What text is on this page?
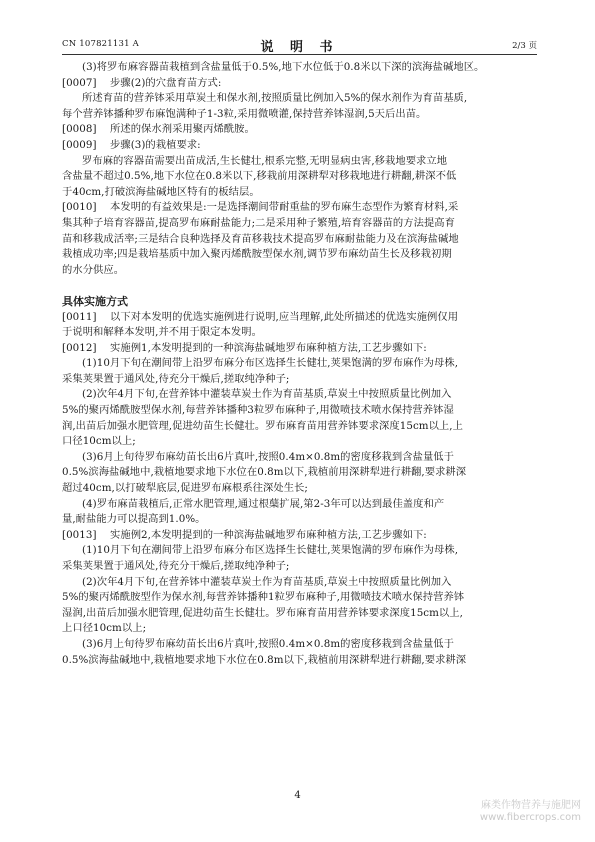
CN 107821131 A	说 明 书	2/3 页
(3)将罗布麻容器苗栽植到含盐量低于0.5%,地下水位低于0.8米以下深的滨海盐碱地区。
[0007] 步骤(2)的穴盘育苗方式:
所述育苗的营养钵采用草炭土和保水剂,按照质量比例加入5%的保水剂作为育苗基质,
每个营养钵播种罗布麻饱满种子1-3粒,采用微喷灌,保持营养钵湿润,5天后出苗。
[0008] 所述的保水剂采用聚丙烯酰胺。
[0009] 步骤(3)的栽植要求:
罗布麻的容器苗需要出苗成活,生长健壮,根系完整,无明显病虫害,移栽地要求立地
含盐量不超过0.5%,地下水位在0.8米以下,移栽前用深耕犁对移栽地进行耕翻,耕深不低
于40cm,打破滨海盐碱地区特有的板结层。
[0010] 本发明的有益效果是:一是选择潮间带耐重盐的罗布麻生态型作为繁育材料,采
集其种子培育容器苗,提高罗布麻耐盐能力;二是采用种子繁殖,培育容器苗的方法提高育
苗和移栽成活率;三是结合良种选择及育苗移栽技术提高罗布麻耐盐能力及在滨海盐碱地
栽植成功率;四是栽培基质中加入聚丙烯酰胺型保水剂,调节罗布麻幼苗生长及移栽初期
的水分供应。
具体实施方式
[0011] 以下对本发明的优选实施例进行说明,应当理解,此处所描述的优选实施例仅用
于说明和解释本发明,并不用于限定本发明。
[0012] 实施例1,本发明提到的一种滨海盐碱地罗布麻种植方法,工艺步骤如下:
(1)10月下旬在潮间带上沿罗布麻分布区选择生长健壮,荚果饱满的罗布麻作为母株,
采集荚果置于通风处,待充分干燥后,搓取纯净种子;
(2)次年4月下旬,在营养钵中灌装草炭土作为育苗基质,草炭土中按照质量比例加入
5%的聚丙烯酰胺型保水剂,每营养钵播种3粒罗布麻种子,用微喷技术喷水保持营养钵湿
润,出苗后加强水肥管理,促进幼苗生长健壮。罗布麻育苗用营养钵要求深度15cm以上,上
口径10cm以上;
(3)6月上旬待罗布麻幼苗长出6片真叶,按照0.4m×0.8m的密度移栽到含盐量低于
0.5%滨海盐碱地中,栽植地要求地下水位在0.8m以下,栽植前用深耕犁进行耕翻,要求耕深
超过40cm,以打破犁底层,促进罗布麻根系往深处生长;
(4)罗布麻苗栽植后,正常水肥管理,通过根蘖扩展,第2-3年可以达到最佳盖度和产
量,耐盐能力可以提高到1.0%。
[0013] 实施例2,本发明提到的一种滨海盐碱地罗布麻种植方法,工艺步骤如下:
(1)10月下旬在潮间带上沿罗布麻分布区选择生长健壮,荚果饱满的罗布麻作为母株,
采集荚果置于通风处,待充分干燥后,搓取纯净种子;
(2)次年4月下旬,在营养钵中灌装草炭土作为育苗基质,草炭土中按照质量比例加入
5%的聚丙烯酰胺型作为保水剂,每营养钵播种1粒罗布麻种子,用微喷技术喷水保持营养钵
湿润,出苗后加强水肥管理,促进幼苗生长健壮。罗布麻育苗用营养钵要求深度15cm以上,
上口径10cm以上;
(3)6月上旬待罗布麻幼苗长出6片真叶,按照0.4m×0.8m的密度移栽到含盐量低于
0.5%滨海盐碱地中,栽植地要求地下水位在0.8m以下,栽植前用深耕犁进行耕翻,要求耕深
4
麻类作物营养与施肥网
www.fibercrops.com
